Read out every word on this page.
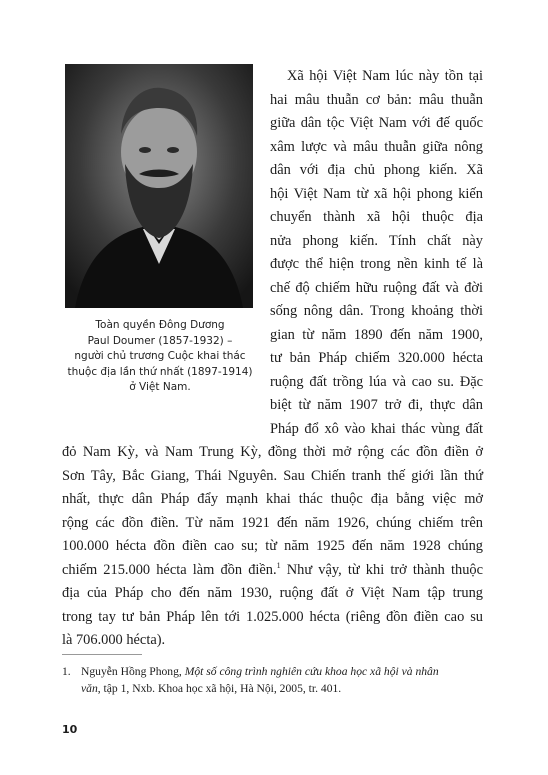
Toàn quyền Đông Dương
Paul Doumer (1857-1932) –
người chủ trương Cuộc khai thác
thuộc địa lần thứ nhất (1897-1914)
ở Việt Nam.
Xã hội Việt Nam lúc này tồn tại
hai mâu thuẫn cơ bản: mâu thuẫn
giữa dân tộc Việt Nam với đế quốc
xâm lược và mâu thuẫn giữa nông
dân với địa chủ phong kiến. Xã
hội Việt Nam từ xã hội phong kiến
chuyển thành xã hội thuộc địa
nửa phong kiến. Tính chất này
được thể hiện trong nền kinh tế là
chế độ chiếm hữu ruộng đất và đời
sống nông dân. Trong khoảng thời
gian từ năm 1890 đến năm 1900,
tư bản Pháp chiếm 320.000 hécta
ruộng đất trồng lúa và cao su. Đặc
biệt từ năm 1907 trở đi, thực dân
Pháp đổ xô vào khai thác vùng đất
đỏ Nam Kỳ, và Nam Trung Kỳ, đồng thời mở rộng các đồn điền ở
Sơn Tây, Bắc Giang, Thái Nguyên. Sau Chiến tranh thế giới lần thứ
nhất, thực dân Pháp đẩy mạnh khai thác thuộc địa bằng việc mở
rộng các đồn điền. Từ năm 1921 đến năm 1926, chúng chiếm trên
100.000 hécta đồn điền cao su; từ năm 1925 đến năm 1928 chúng
chiếm 215.000 hécta làm đồn điền.$^1$ Như vậy, từ khi trở thành thuộc
địa của Pháp cho đến năm 1930, ruộng đất ở Việt Nam tập trung
trong tay tư bản Pháp lên tới 1.025.000 hécta (riêng đồn điền cao su
là 706.000 hécta).
1. Nguyễn Hồng Phong, Một số công trình nghiên cứu khoa học xã hội và nhân
văn, tập 1, Nxb. Khoa học xã hội, Hà Nội, 2005, tr. 401.
10
